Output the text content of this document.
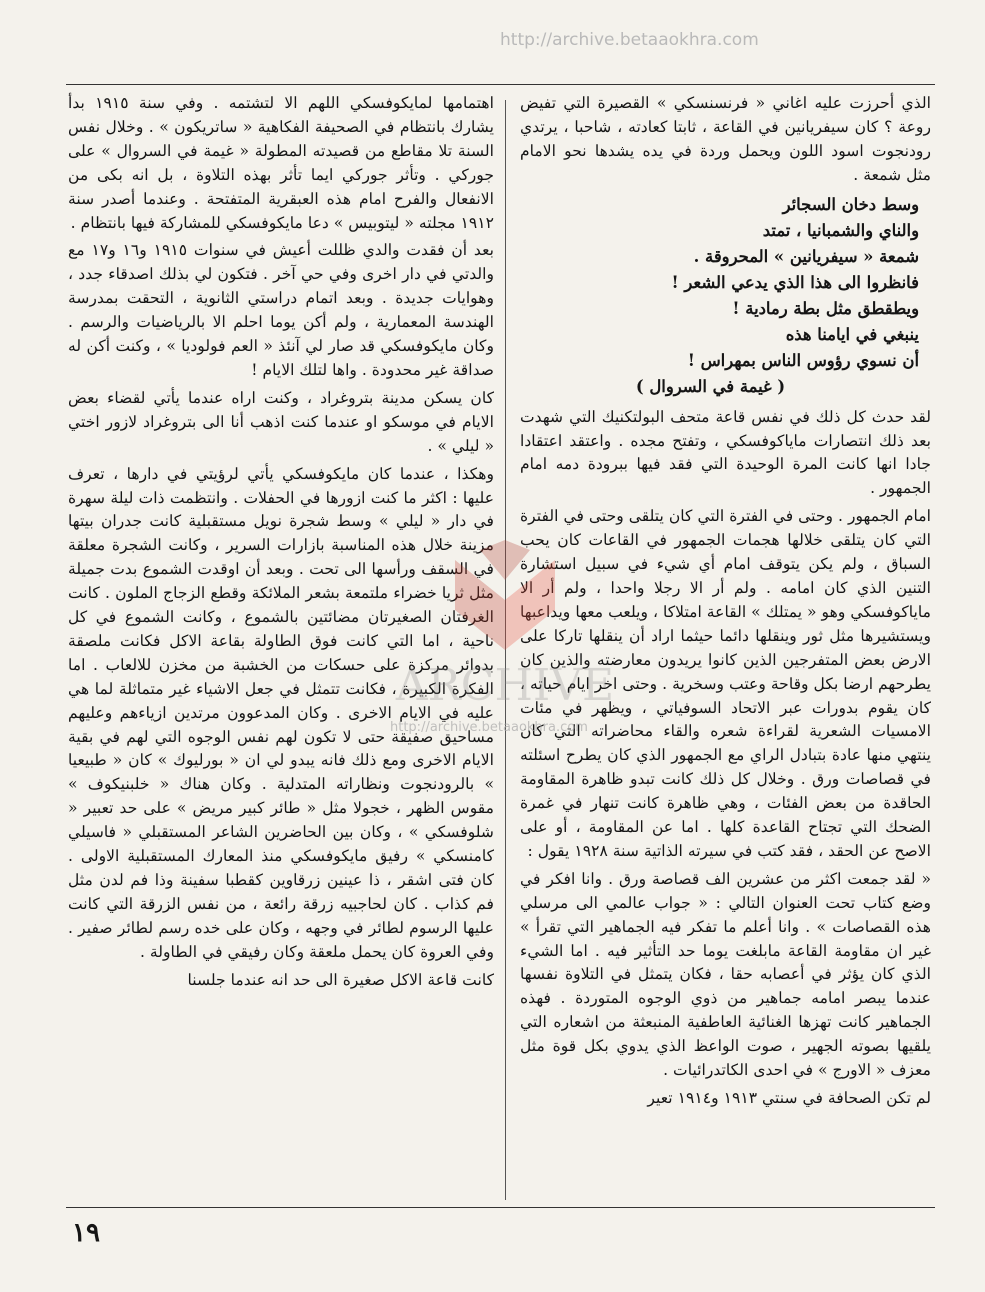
http://archive.betaaokhra.com

الذي أحرزت عليه اغاني « فرنسنسكي » القصيرة التي تفيض روعة ؟ كان سيفريانين في القاعة ، ثابتا كعادته ، شاحبا ، يرتدي رودنجوت اسود اللون ويحمل وردة في يده يشدها نحو الامام مثل شمعة .

وسط دخان السجائر
والناي والشمبانيا ، تمتد
شمعة « سيفريانين » المحروقة .
فانظروا الى هذا الذي يدعي الشعر !
ويطقطق مثل بطة رمادية !
ينبغي في ايامنا هذه
أن نسوي رؤوس الناس بمهراس !
( غيمة في السروال )

لقد حدث كل ذلك في نفس قاعة متحف البولتكنيك التي شهدت بعد ذلك انتصارات ماياكوفسكي ، وتفتح مجده . واعتقد اعتقادا جادا انها كانت المرة الوحيدة التي فقد فيها ببرودة دمه امام الجمهور .

امام الجمهور . وحتى في الفترة التي كان يتلقى وحتى في الفترة التي كان يتلقى خلالها هجمات الجمهور في القاعات كان يحب السباق ، ولم يكن يتوقف امام أي شيء في سبيل استشارة التنين الذي كان امامه . ولم أر الا رجلا واحدا ، ولم أر الا ماياكوفسكي وهو « يمتلك » القاعة امتلاكا ، ويلعب معها ويداعبها ويستشيرها مثل ثور وينقلها دائما حيثما اراد أن ينقلها تاركا على الارض بعض المتفرجين الذين كانوا يريدون معارضته والذين كان يطرحهم ارضا بكل وقاحة وعتب وسخرية . وحتى اخر ايام حياته ، كان يقوم بدورات عبر الاتحاد السوفياتي ، ويظهر في مئات الامسيات الشعرية لقراءة شعره والقاء محاضراته التي كان ينتهي منها عادة بتبادل الراي مع الجمهور الذي كان يطرح اسئلته في قصاصات ورق . وخلال كل ذلك كانت تبدو ظاهرة المقاومة الحاقدة من بعض الفئات ، وهي ظاهرة كانت تنهار في غمرة الضحك التي تجتاح القاعدة كلها . اما عن المقاومة ، أو على الاصح عن الحقد ، فقد كتب في سيرته الذاتية سنة ١٩٢٨ يقول :

« لقد جمعت اكثر من عشرين الف قصاصة ورق . وانا افكر في وضع كتاب تحت العنوان التالي : « جواب عالمي الى مرسلي هذه القصاصات » . وانا أعلم ما تفكر فيه الجماهير التي تقرأ » غير ان مقاومة القاعة مابلغت يوما حد التأثير فيه . اما الشيء الذي كان يؤثر في أعصابه حقا ، فكان يتمثل في التلاوة نفسها عندما يبصر امامه جماهير من ذوي الوجوه المتوردة . فهذه الجماهير كانت تهزها الغنائية العاطفية المنبعثة من اشعاره التي يلقيها بصوته الجهير ، صوت الواعظ الذي يدوي بكل قوة مثل معزف « الاورج » في احدى الكاتدرائيات .

لم تكن الصحافة في سنتي ١٩١٣ و١٩١٤ تعير

اهتمامها لمايكوفسكي اللهم الا لتشتمه . وفي سنة ١٩١٥ بدأ يشارك بانتظام في الصحيفة الفكاهية « ساتريكون » . وخلال نفس السنة تلا مقاطع من قصيدته المطولة « غيمة في السروال » على جوركي . وتأثر جوركي ايما تأثر بهذه التلاوة ، بل انه بكى من الانفعال والفرح امام هذه العبقرية المتفتحة . وعندما أصدر سنة ١٩١٢ مجلته « ليتوبيس » دعا مايكوفسكي للمشاركة فيها بانتظام .

بعد أن فقدت والدي ظللت أعيش في سنوات ١٩١٥ و١٦ و١٧ مع والدتي في دار اخرى وفي حي آخر . فتكون لي بذلك اصدقاء جدد ، وهوايات جديدة . وبعد اتمام دراستي الثانوية ، التحقت بمدرسة الهندسة المعمارية ، ولم أكن يوما احلم الا بالرياضيات والرسم . وكان مايكوفسكي قد صار لي آنئذ « العم فولوديا » ، وكنت أكن له صداقة غير محدودة . واها لتلك الايام !

كان يسكن مدينة بتروغراد ، وكنت اراه عندما يأتي لقضاء بعض الايام في موسكو او عندما كنت اذهب أنا الى بتروغراد لازور اختي « ليلي » .

وهكذا ، عندما كان مايكوفسكي يأتي لرؤيتي في دارها ، تعرف عليها : اكثر ما كنت ازورها في الحفلات . وانتظمت ذات ليلة سهرة في دار « ليلي » وسط شجرة نويل مستقبلية كانت جدران بيتها مزينة خلال هذه المناسبة بازارات السرير ، وكانت الشجرة معلقة في السقف ورأسها الى تحت . وبعد أن اوقدت الشموع بدت جميلة مثل ثريا خضراء ملتمعة بشعر الملائكة وقطع الزجاج الملون . كانت الغرفتان الصغيرتان مضائتين بالشموع ، وكانت الشموع في كل ناحية ، اما التي كانت فوق الطاولة بقاعة الاكل فكانت ملصقة بدوائر مركزة على حسكات من الخشبة من مخزن للالعاب . اما الفكرة الكبيرة ، فكانت تتمثل في جعل الاشياء غير متماثلة لما هي عليه في الايام الاخرى . وكان المدعوون مرتدين ازياءهم وعليهم مساحيق صفيقة حتى لا تكون لهم نفس الوجوه التي لهم في بقية الايام الاخرى ومع ذلك فانه يبدو لي ان « بورليوك » كان « طبيعيا » بالرودنجوت ونظاراته المتدلية . وكان هناك « خلبنيكوف » مقوس الظهر ، خجولا مثل « طائر كبير مريض » على حد تعبير « شلوفسكي » ، وكان بين الحاضرين الشاعر المستقبلي « فاسيلي كامنسكي » رفيق مايكوفسكي منذ المعارك المستقبلية الاولى . كان فتى اشقر ، ذا عينين زرقاوين كقطبا سفينة وذا فم لدن مثل فم كذاب . كان لحاجبيه زرقة رائعة ، من نفس الزرقة التي كانت عليها الرسوم لطائر في وجهه ، وكان على خده رسم لطائر صفير . وفي العروة كان يحمل ملعقة وكان رفيقي في الطاولة .

كانت قاعة الاكل صغيرة الى حد انه عندما جلسنا

ARCHIVE
http://archive.betaaokhra.com
١٩
